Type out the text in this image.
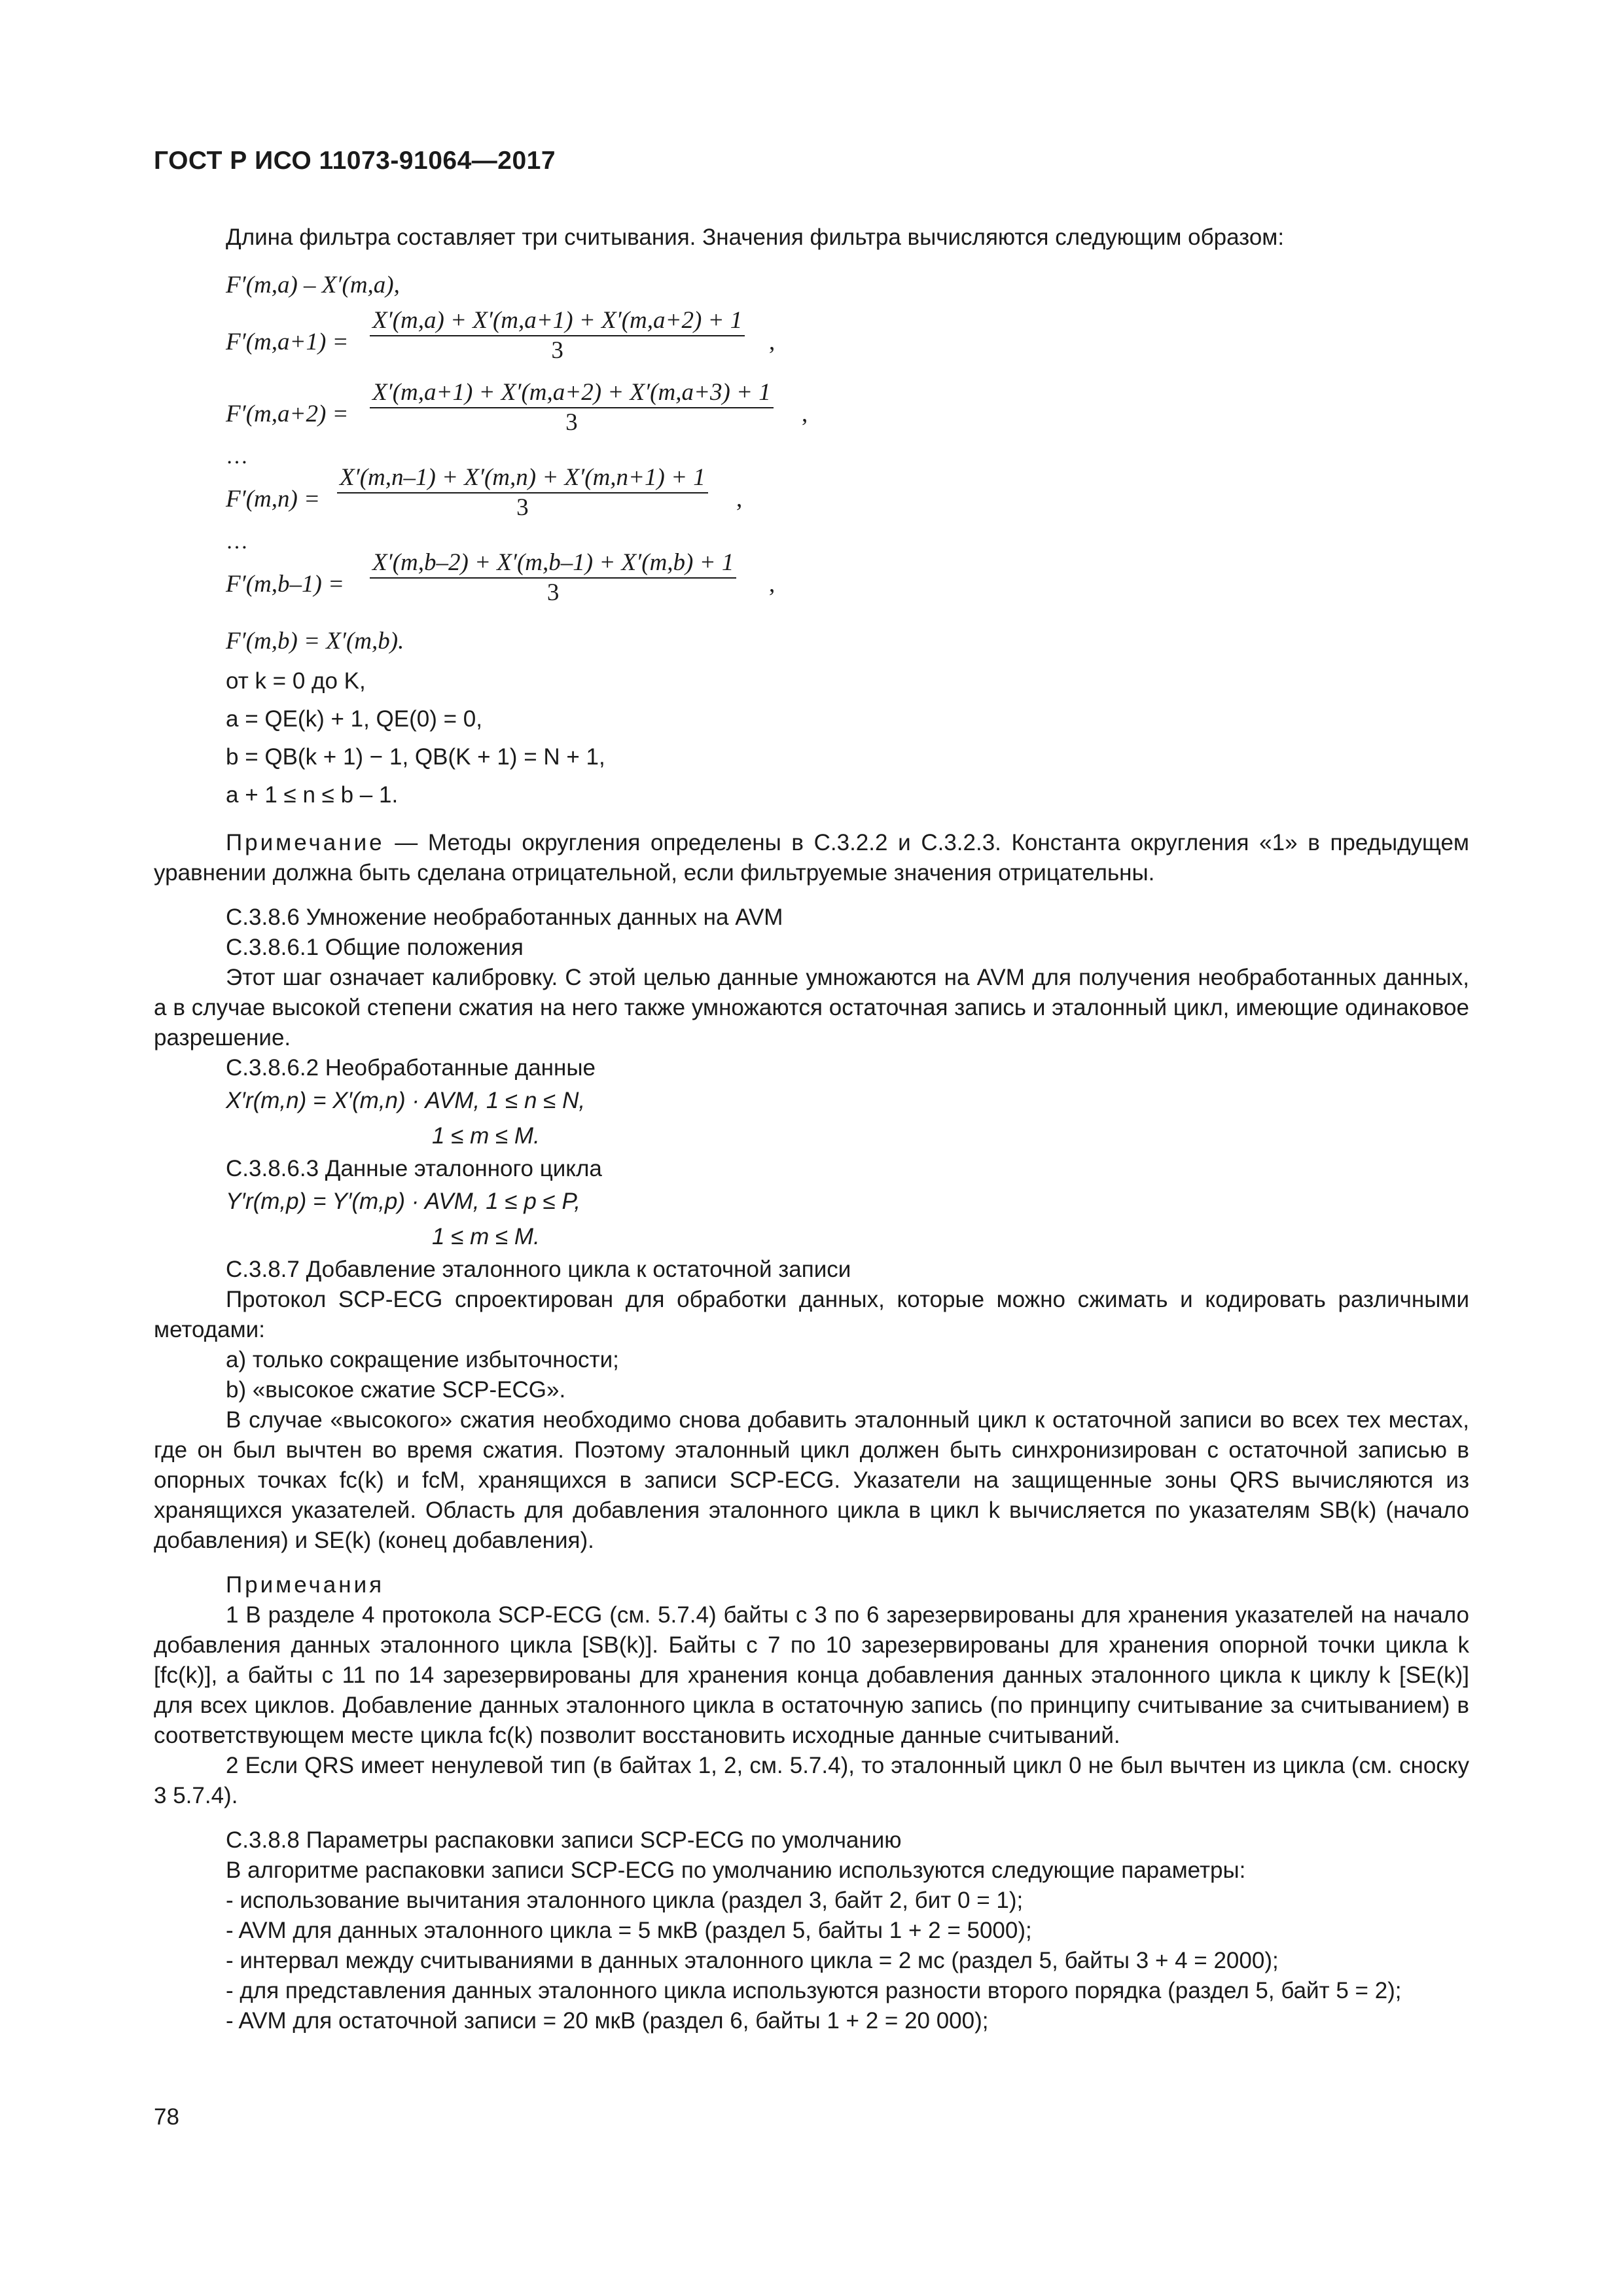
ГОСТ Р ИСО 11073-91064—2017

Длина фильтра составляет три считывания. Значения фильтра вычисляются следующим образом:

F′(m,a) – X′(m,a),
$F'(m,a+1) = \frac{X'(m,a) + X'(m,a+1) + X'(m,a+2) + 1}{3}$ ,
$F'(m,a+2) = \frac{X'(m,a+1) + X'(m,a+2) + X'(m,a+3) + 1}{3}$ ,
…
$F'(m,n) = \frac{X'(m,n-1) + X'(m,n) + X'(m,n+1) + 1}{3}$ ,
…
$F'(m,b-1) = \frac{X'(m,b-2) + X'(m,b-1) + X'(m,b) + 1}{3}$ ,
F′(m,b) = X′(m,b).
от k = 0 до K,
a = QE(k) + 1, QE(0) = 0,
b = QB(k + 1) − 1, QB(K + 1) = N + 1,
a + 1 ≤ n ≤ b – 1.

Примечание — Методы округления определены в C.3.2.2 и C.3.2.3. Константа округления «1» в предыдущем уравнении должна быть сделана отрицательной, если фильтруемые значения отрицательны.

C.3.8.6 Умножение необработанных данных на AVM

C.3.8.6.1 Общие положения

Этот шаг означает калибровку. С этой целью данные умножаются на AVM для получения необработанных данных, а в случае высокой степени сжатия на него также умножаются остаточная запись и эталонный цикл, имеющие одинаковое разрешение.

C.3.8.6.2 Необработанные данные

X′r(m,n) = X′(m,n) · AVM, 1 ≤ n ≤ N,

1 ≤ m ≤ M.

C.3.8.6.3 Данные эталонного цикла

Y′r(m,p) = Y′(m,p) · AVM, 1 ≤ p ≤ P,

1 ≤ m ≤ M.

C.3.8.7 Добавление эталонного цикла к остаточной записи

Протокол SCP-ECG спроектирован для обработки данных, которые можно сжимать и кодировать различными методами:

a) только сокращение избыточности;

b) «высокое сжатие SCP-ECG».

В случае «высокого» сжатия необходимо снова добавить эталонный цикл к остаточной записи во всех тех местах, где он был вычтен во время сжатия. Поэтому эталонный цикл должен быть синхронизирован с остаточной записью в опорных точках fc(k) и fcM, хранящихся в записи SCP-ECG. Указатели на защищенные зоны QRS вычисляются из хранящихся указателей. Область для добавления эталонного цикла в цикл k вычисляется по указателям SB(k) (начало добавления) и SE(k) (конец добавления).

Примечания

1 В разделе 4 протокола SCP-ECG (см. 5.7.4) байты с 3 по 6 зарезервированы для хранения указателей на начало добавления данных эталонного цикла [SB(k)]. Байты с 7 по 10 зарезервированы для хранения опорной точки цикла k [fc(k)], а байты с 11 по 14 зарезервированы для хранения конца добавления данных эталонного цикла к циклу k [SE(k)] для всех циклов. Добавление данных эталонного цикла в остаточную запись (по принципу считывание за считыванием) в соответствующем месте цикла fc(k) позволит восстановить исходные данные считываний.

2 Если QRS имеет ненулевой тип (в байтах 1, 2, см. 5.7.4), то эталонный цикл 0 не был вычтен из цикла (см. сноску 3 5.7.4).

C.3.8.8 Параметры распаковки записи SCP-ECG по умолчанию

В алгоритме распаковки записи SCP-ECG по умолчанию используются следующие параметры:

- использование вычитания эталонного цикла (раздел 3, байт 2, бит 0 = 1);

- AVM для данных эталонного цикла = 5 мкВ (раздел 5, байты 1 + 2 = 5000);

- интервал между считываниями в данных эталонного цикла = 2 мс (раздел 5, байты 3 + 4 = 2000);

- для представления данных эталонного цикла используются разности второго порядка (раздел 5, байт 5 = 2);

- AVM для остаточной записи = 20 мкВ (раздел 6, байты 1 + 2 = 20 000);

78
